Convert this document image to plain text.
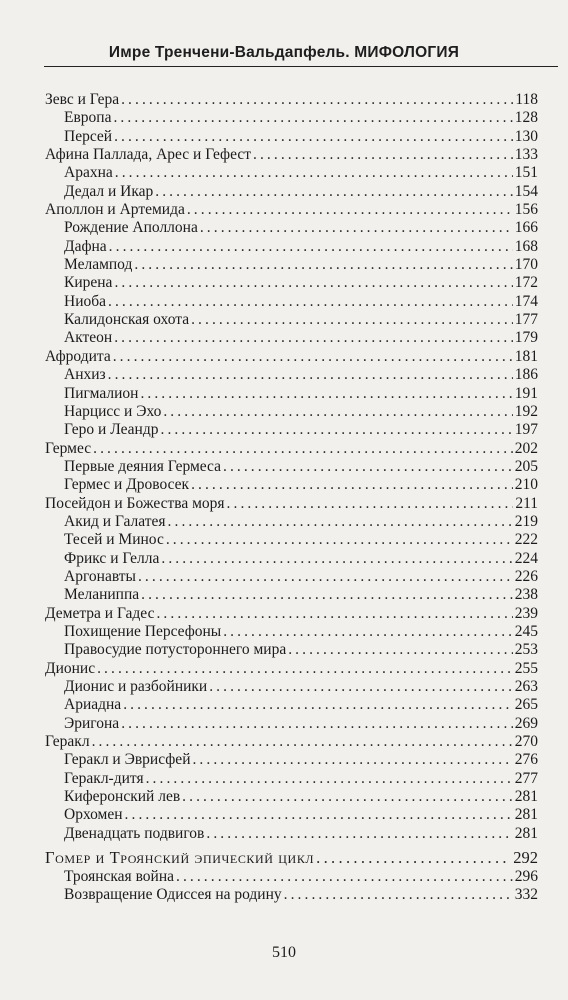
Имре Тренчени-Вальдапфель. МИФОЛОГИЯ
Зевс и Гера . . .	118
Европа . . .	128
Персей . . .	130
Афина Паллада, Арес и Гефест . . .	133
Арахна . . .	151
Дедал и Икар . . .	154
Аполлон и Артемида . . .	156
Рождение Аполлона . . .	166
Дафна . . .	168
Мелампод . . .	170
Кирена . . .	172
Ниоба . . .	174
Калидонская охота . . .	177
Актеон . . .	179
Афродита . . .	181
Анхиз . . .	186
Пигмалион . . .	191
Нарцисс и Эхо . . .	192
Геро и Леандр . . .	197
Гермес . . .	202
Первые деяния Гермеса . . .	205
Гермес и Дровосек . . .	210
Посейдон и Божества моря . . .	211
Акид и Галатея . . .	219
Тесей и Минос . . .	222
Фрикс и Гелла . . .	224
Аргонавты . . .	226
Меланиппа . . .	238
Деметра и Гадес . . .	239
Похищение Персефоны . . .	245
Правосудие потустороннего мира . . .	253
Дионис . . .	255
Дионис и разбойники . . .	263
Ариадна . . .	265
Эригона . . .	269
Геракл . . .	270
Геракл и Эврисфей . . .	276
Геракл-дитя . . .	277
Киферонский лев . . .	281
Орхомен . . .	281
Двенадцать подвигов . . .	281
Гомер и Троянский эпический цикл . . .	292
Троянская война . . .	296
Возвращение Одиссея на родину . . .	332
510
